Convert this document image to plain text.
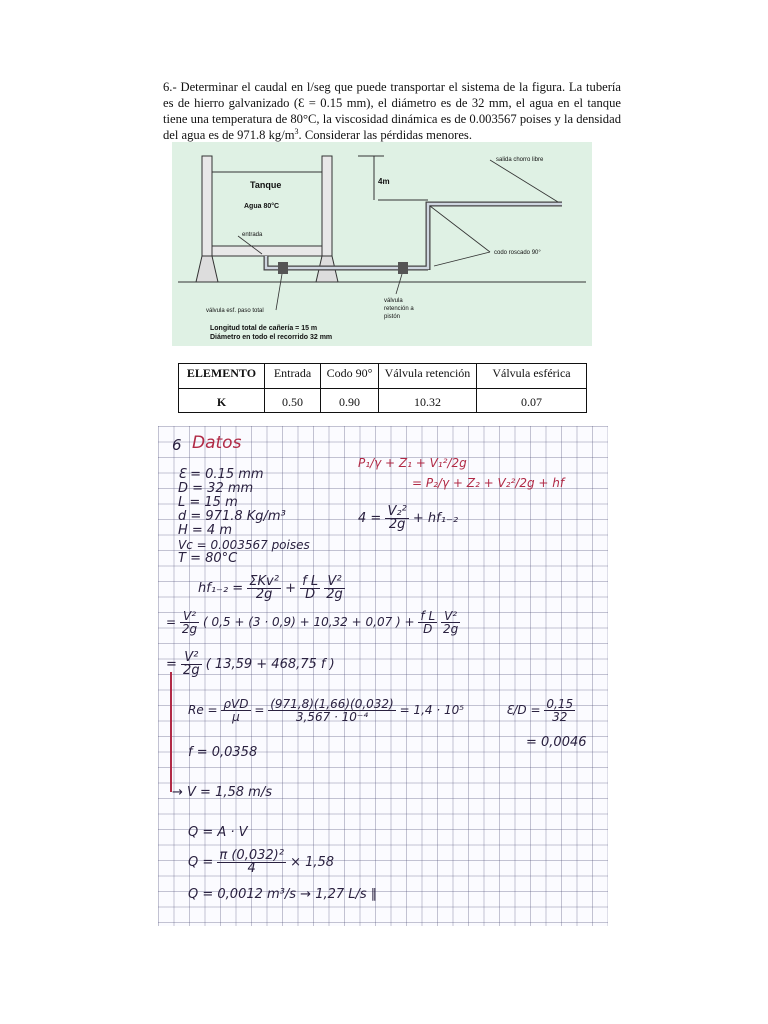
6.- Determinar el caudal en l/seg que puede transportar el sistema de la figura. La tubería es de hierro galvanizado (Ɛ = 0.15 mm), el diámetro es de 32 mm, el agua en el tanque tiene una temperatura de 80°C, la viscosidad dinámica es de 0.003567 poises y la densidad del agua es de 971.8 $kg/m^3$. Considerar las pérdidas menores.

Tanque
Agua 80°C
entrada
4m
salida chorro libre
codo roscado 90°
válvula esf. paso total
válvula
retención a
pistón
Longitud total de cañería = 15 m
Diámetro en todo el recorrido 32 mm
ELEMENTO	Entrada	Codo 90°	Válvula retención	Válvula esférica
K	0.50	0.90	10.32	0.07
6 Datos
Ɛ = 0.15 mm
D = 32 mm
L = 15 m
d = 971.8 Kg/m³
H = 4 m
Vc = 0.003567 poises
T = 80°C
P₁/γ + Z₁ + V₁²/2g
= P₂/γ + Z₂ + V₂²/2g + hf
$4 = \frac{\text{V₂²}}{2g} + hf_{1-2}$
$hf_{1-2} = \frac{\text{ΣKv²}}{2g} + \frac{\text{f L}}{D}$
$\frac{\text{V²}}{2g}$
= $\frac{\text{V²}}{2g}$ ( 0,5 + (3 · 0,9) + 10,32 + 0,07 ) + $\frac{\text{f L}}{D}$
$\frac{\text{V²}}{2g}$
= $\frac{\text{V²}}{2g}$ ( 13,59 + 468,75 f )
$Re = \frac{\text{ρVD}}{\mu} = \frac{(971,8)(1,66)(0,032)}{\text{3,567 · 10⁻⁴}} = 1,4 \cdot 10^5$	Ɛ/D = $\frac{0,15}{32}$
= 0,0046
f = 0,0358
→ V = 1,58 m/s
Q = A · V
$Q = \frac{\text{π (0,032)²}}{4} \times 1,58$
Q = 0,0012 m³/s → 1,27 L/s ∥
